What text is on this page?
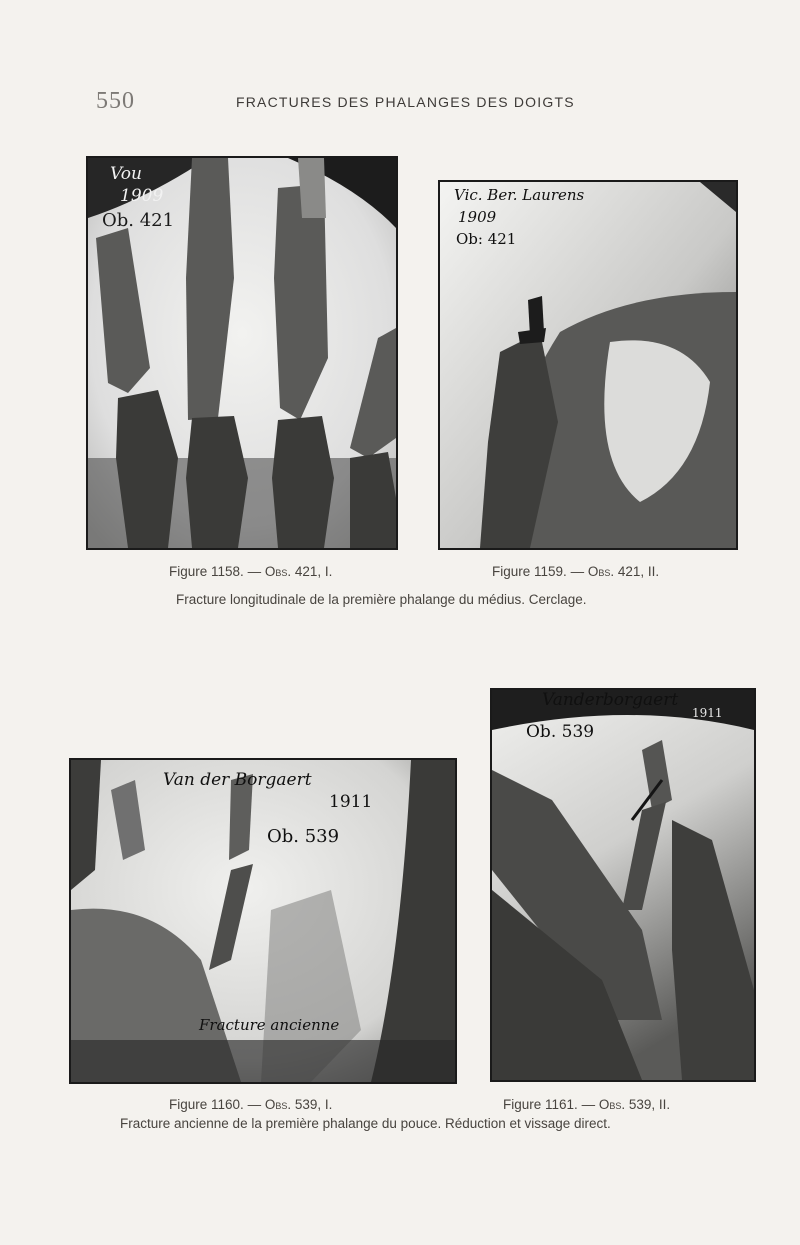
550	FRACTURES DES PHALANGES DES DOIGTS
Vou
1909
Ob. 421
Vic. Ber. Laurens
1909
Ob: 421
Figure 1158. — Obs. 421, I.	Figure 1159. — Obs. 421, II.
Fracture longitudinale de la première phalange du médius. Cerclage.
Van der Borgaert
1911
Ob. 539
Fracture ancienne
Vanderborgaert
1911
Ob. 539
Figure 1160. — Obs. 539, I.	Figure 1161. — Obs. 539, II.
Fracture ancienne de la première phalange du pouce. Réduction et vissage direct.
